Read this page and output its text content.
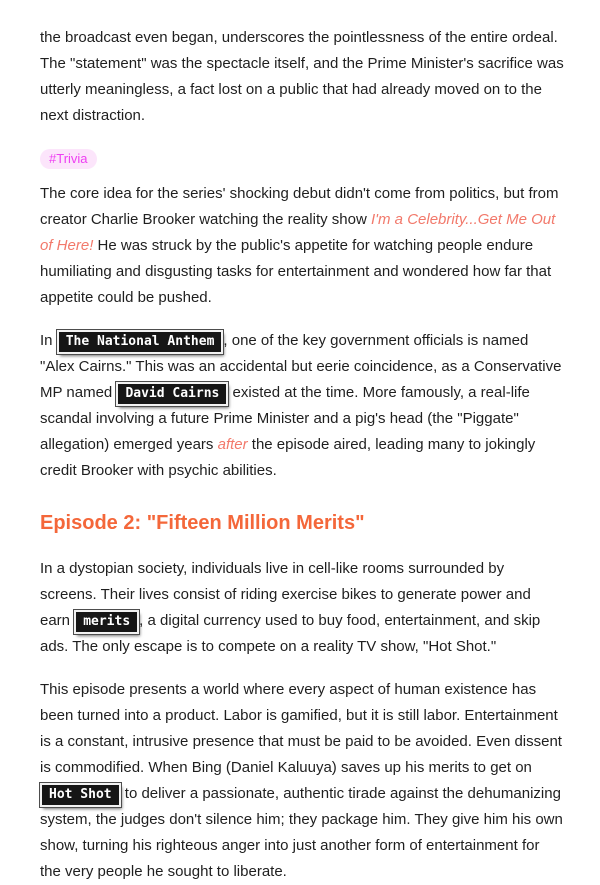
the broadcast even began, underscores the pointlessness of the entire ordeal. The "statement" was the spectacle itself, and the Prime Minister's sacrifice was utterly meaningless, a fact lost on a public that had already moved on to the next distraction.

#Trivia

The core idea for the series' shocking debut didn't come from politics, but from creator Charlie Brooker watching the reality show I'm a Celebrity...Get Me Out of Here! He was struck by the public's appetite for watching people endure humiliating and disgusting tasks for entertainment and wondered how far that appetite could be pushed.

In The National Anthem , one of the key government officials is named "Alex Cairns." This was an accidental but eerie coincidence, as a Conservative MP named David Cairns existed at the time. More famously, a real-life scandal involving a future Prime Minister and a pig's head (the "Piggate" allegation) emerged years after the episode aired, leading many to jokingly credit Brooker with psychic abilities.

Episode 2: "Fifteen Million Merits"

In a dystopian society, individuals live in cell-like rooms surrounded by screens. Their lives consist of riding exercise bikes to generate power and earn merits , a digital currency used to buy food, entertainment, and skip ads. The only escape is to compete on a reality TV show, "Hot Shot."

This episode presents a world where every aspect of human existence has been turned into a product. Labor is gamified, but it is still labor. Entertainment is a constant, intrusive presence that must be paid to be avoided. Even dissent is commodified. When Bing (Daniel Kaluuya) saves up his merits to get on Hot Shot to deliver a passionate, authentic tirade against the dehumanizing system, the judges don't silence him; they package him. They give him his own show, turning his righteous anger into just another form of entertainment for the very people he sought to liberate.
